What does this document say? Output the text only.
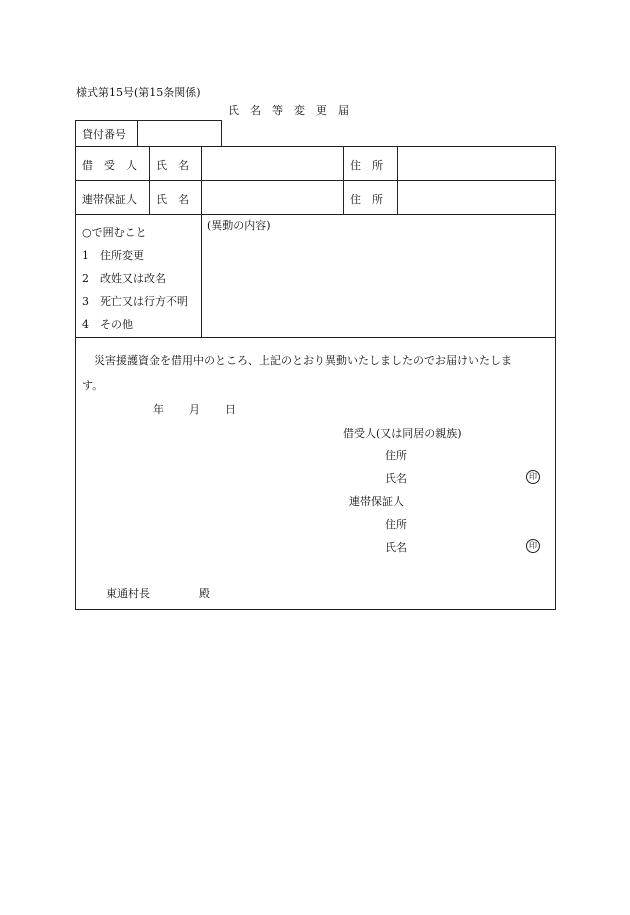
様式第15号(第15条関係)
氏　名　等　変　更　届
貸付番号
借　受　人 氏　名	住　所
連帯保証人 氏　名	住　所
○で囲むこと
1　住所変更
2　改姓又は改名
3　死亡又は行方不明
4　その他
(異動の内容)
災害援護資金を借用中のところ、上記のとおり異動いたしましたのでお届けいたしま
す。
年 月 日
借受人(又は同居の親族)
住所
氏名	印
連帯保証人
住所
氏名	印
東通村長	殿
